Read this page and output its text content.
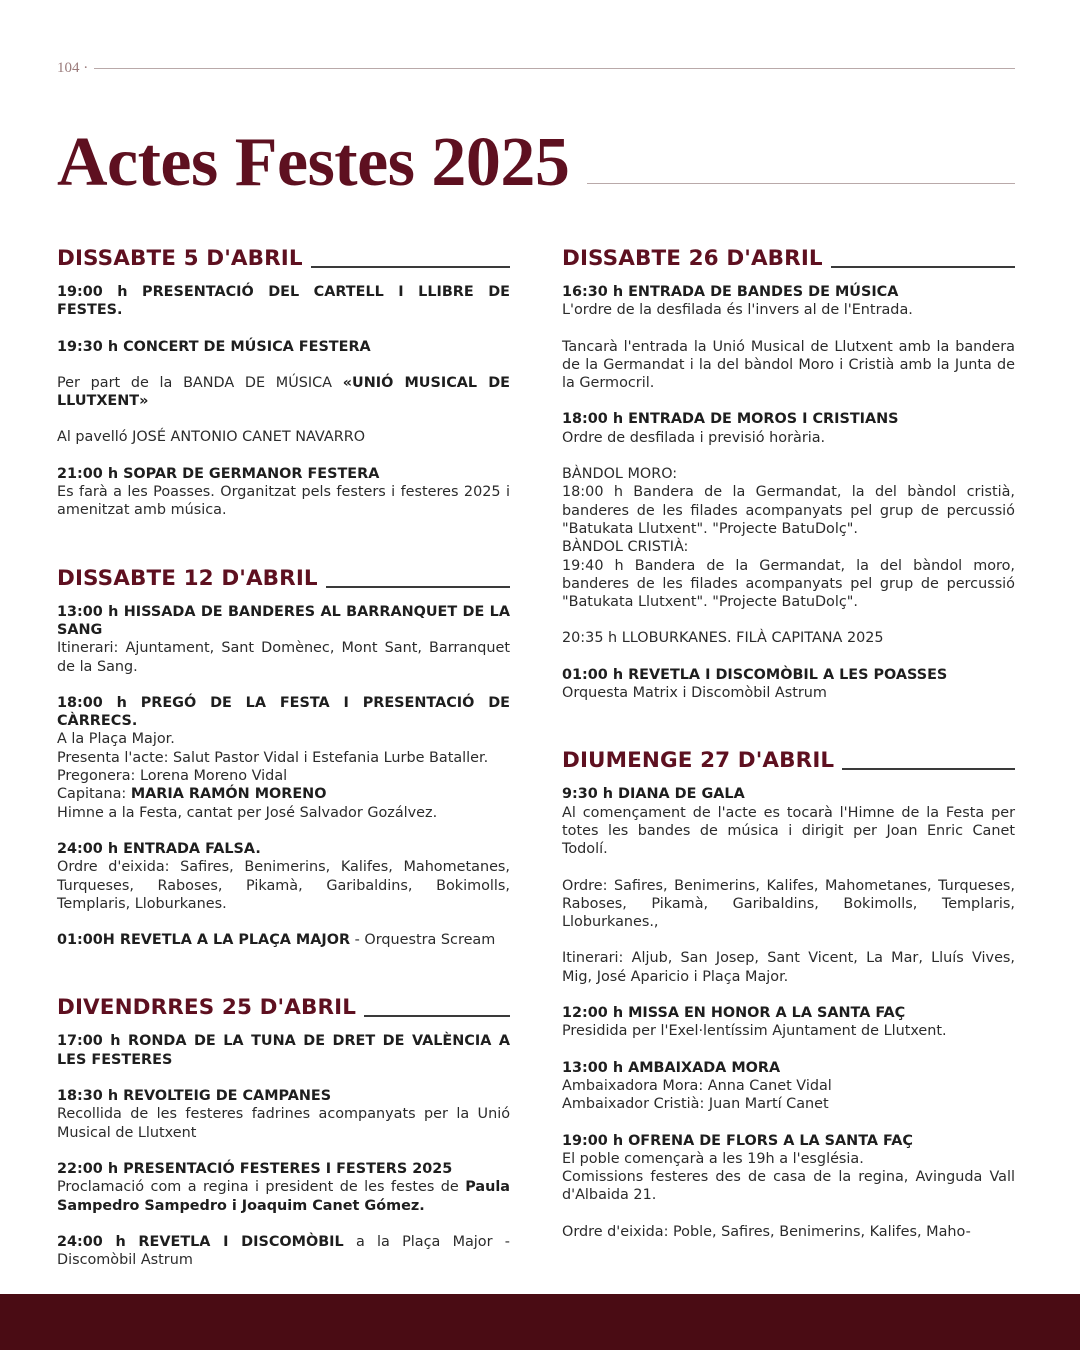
104 ·
Actes Festes 2025
DISSABTE 5 D'ABRIL
19:00 h PRESENTACIÓ DEL CARTELL I LLIBRE DE FESTES.
19:30 h CONCERT DE MÚSICA FESTERA
Per part de la BANDA DE MÚSICA «UNIÓ MUSICAL DE LLUTXENT»
Al pavelló JOSÉ ANTONIO CANET NAVARRO
21:00 h SOPAR DE GERMANOR FESTERA
Es farà a les Poasses. Organitzat pels festers i festeres 2025 i amenitzat amb música.
DISSABTE 12 D'ABRIL
13:00 h HISSADA DE BANDERES AL BARRANQUET DE LA SANG
Itinerari: Ajuntament, Sant Domènec, Mont Sant, Barranquet de la Sang.
18:00 h PREGÓ DE LA FESTA I PRESENTACIÓ DE CÀRRECS.
A la Plaça Major.
Presenta l'acte: Salut Pastor Vidal i Estefania Lurbe Bataller.
Pregonera: Lorena Moreno Vidal
Capitana: MARIA RAMÓN MORENO
Himne a la Festa, cantat per José Salvador Gozálvez.
24:00 h ENTRADA FALSA.
Ordre d'eixida: Safires, Benimerins, Kalifes, Mahometanes, Turqueses, Raboses, Pikamà, Garibaldins, Bokimolls, Templaris, Lloburkanes.
01:00H REVETLA A LA PLAÇA MAJOR - Orquestra Scream
DIVENDRRES 25 D'ABRIL
17:00 h RONDA DE LA TUNA DE DRET DE VALÈNCIA A LES FESTERES
18:30 h REVOLTEIG DE CAMPANES
Recollida de les festeres fadrines acompanyats per la Unió Musical de Llutxent
22:00 h PRESENTACIÓ FESTERES I FESTERS 2025
Proclamació com a regina i president de les festes de Paula Sampedro Sampedro i Joaquim Canet Gómez.
24:00 h REVETLA I DISCOMÒBIL a la Plaça Major - Discomòbil Astrum
DISSABTE 26 D'ABRIL
16:30 h ENTRADA DE BANDES DE MÚSICA
L'ordre de la desfilada és l'invers al de l'Entrada.
Tancarà l'entrada la Unió Musical de Llutxent amb la bandera de la Germandat i la del bàndol Moro i Cristià amb la Junta de la Germocril.
18:00 h ENTRADA DE MOROS I CRISTIANS
Ordre de desfilada i previsió horària.
BÀNDOL MORO:
18:00 h Bandera de la Germandat, la del bàndol cristià, banderes de les filades acompanyats pel grup de percussió "Batukata Llutxent". "Projecte BatuDolç".
BÀNDOL CRISTIÀ:
19:40 h Bandera de la Germandat, la del bàndol moro, banderes de les filades acompanyats pel grup de percussió "Batukata Llutxent". "Projecte BatuDolç".
20:35 h LLOBURKANES. FILÀ CAPITANA 2025
01:00 h REVETLA I DISCOMÒBIL A LES POASSES
Orquesta Matrix i Discomòbil Astrum
DIUMENGE 27 D'ABRIL
9:30 h DIANA DE GALA
Al començament de l'acte es tocarà l'Himne de la Festa per totes les bandes de música i dirigit per Joan Enric Canet Todolí.
Ordre: Safires, Benimerins, Kalifes, Mahometanes, Turqueses, Raboses, Pikamà, Garibaldins, Bokimolls, Templaris, Lloburkanes.,
Itinerari: Aljub, San Josep, Sant Vicent, La Mar, Lluís Vives, Mig, José Aparicio i Plaça Major.
12:00 h MISSA EN HONOR A LA SANTA FAÇ
Presidida per l'Exel·lentíssim Ajuntament de Llutxent.
13:00 h AMBAIXADA MORA
Ambaixadora Mora: Anna Canet Vidal
Ambaixador Cristià: Juan Martí Canet
19:00 h OFRENA DE FLORS A LA SANTA FAÇ
El poble començarà a les 19h a l'església.
Comissions festeres des de casa de la regina, Avinguda Vall d'Albaida 21.
Ordre d'eixida: Poble, Safires, Benimerins, Kalifes, Maho-
